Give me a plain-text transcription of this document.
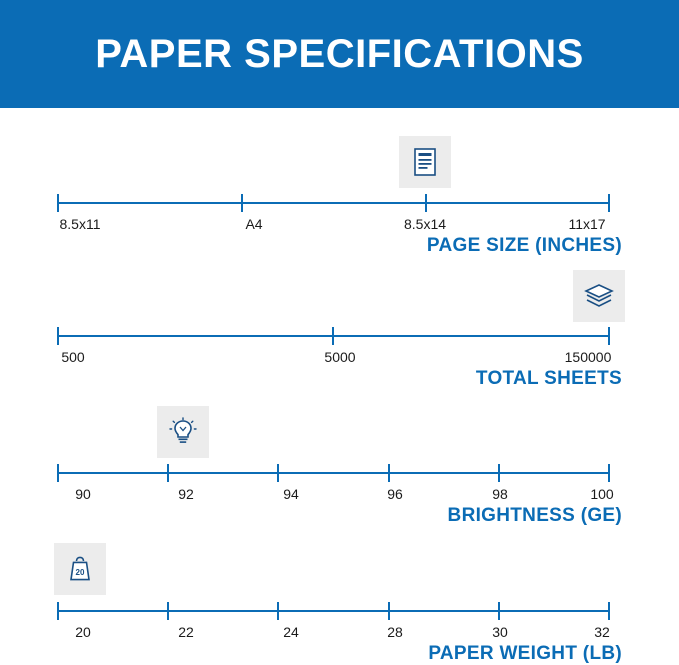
PAPER SPECIFICATIONS
8.5x11	A4	8.5x14	11x17
PAGE SIZE (INCHES)
500	5000	150000
TOTAL SHEETS
90	92	94	96	98	100
BRIGHTNESS (GE)
20
20	22	24	28	30	32
PAPER WEIGHT (LB)
